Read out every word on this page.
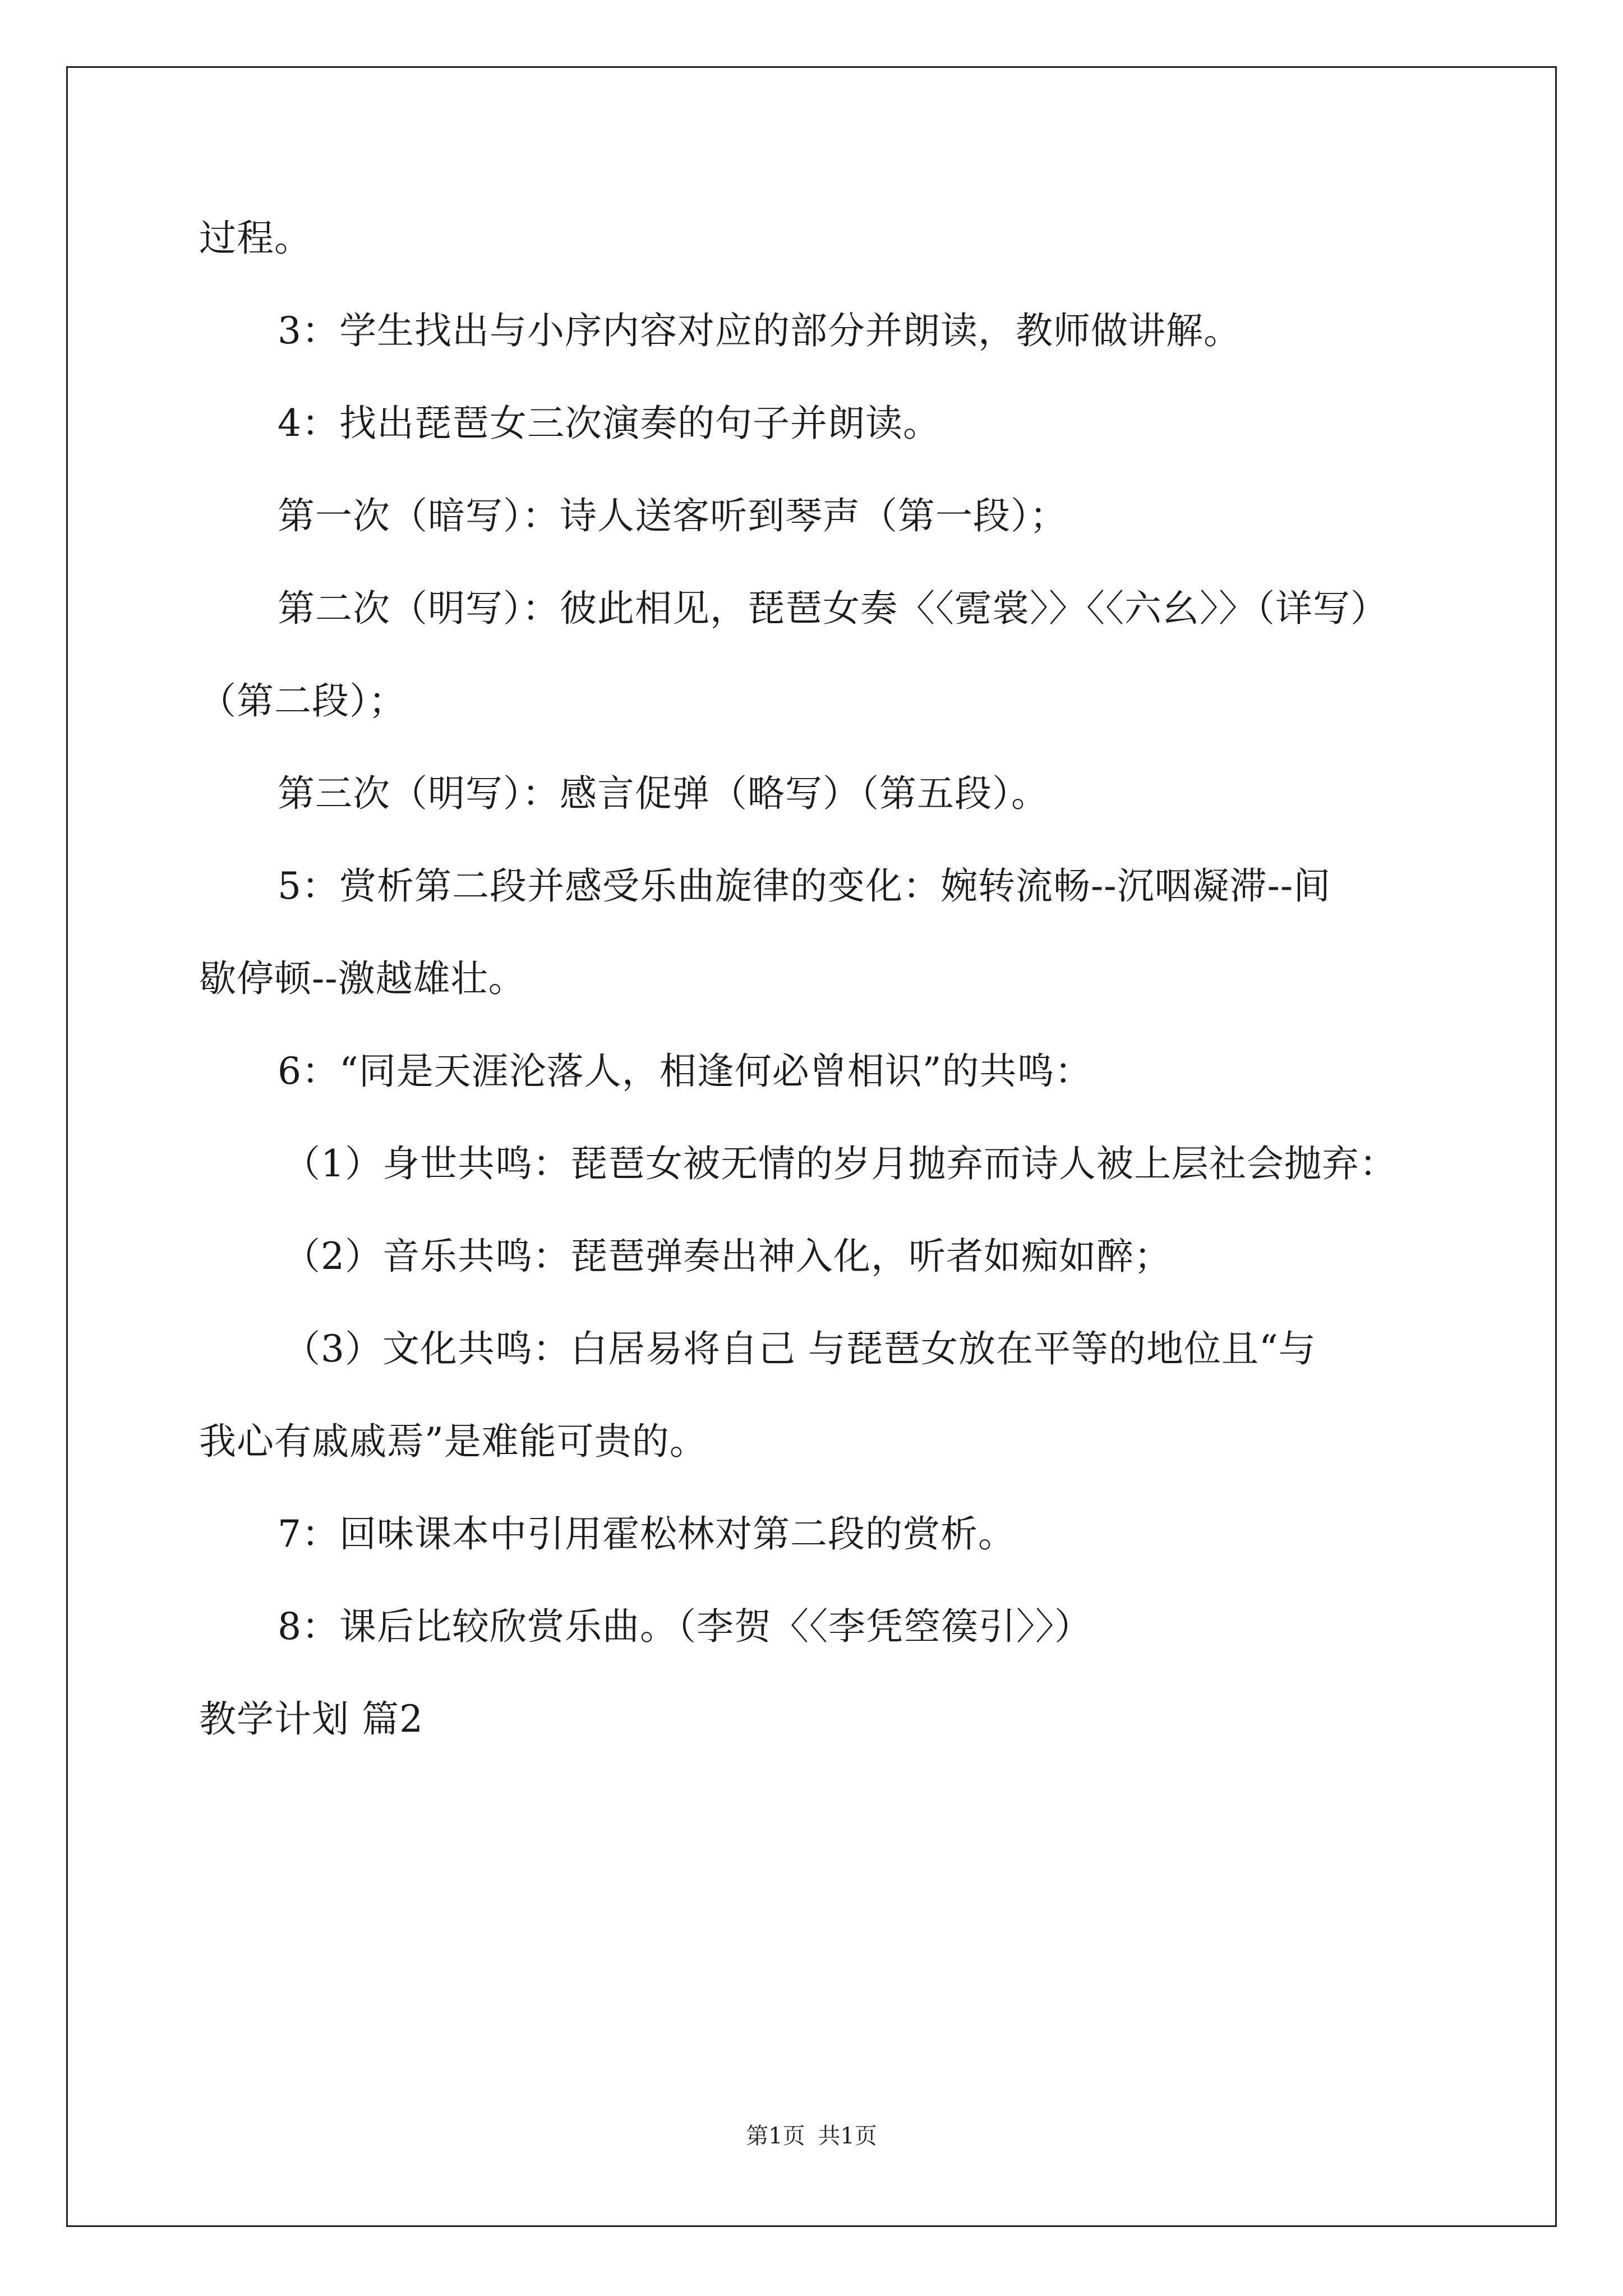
过程。
3：学生找出与小序内容对应的部分并朗读，教师做讲解。
4：找出琵琶女三次演奏的句子并朗读。
第一次（暗写）：诗人送客听到琴声（第一段）；
第二次（明写）：彼此相见，琵琶女奏〈〈霓裳〉〉〈〈六幺〉〉（详写）
（第二段）；
第三次（明写）：感言促弹（略写）（第五段）。
5：赏析第二段并感受乐曲旋律的变化：婉转流畅--沉咽凝滞--间
歇停顿--激越雄壮。
6：“同是天涯沦落人，相逢何必曾相识”的共鸣：
（1）身世共鸣：琵琶女被无情的岁月抛弃而诗人被上层社会抛弃：
（2）音乐共鸣：琵琶弹奏出神入化，听者如痴如醉；
（3）文化共鸣：白居易将自己 与琵琶女放在平等的地位且“与
我心有戚戚焉”是难能可贵的。
7：回味课本中引用霍松林对第二段的赏析。
8：课后比较欣赏乐曲。（李贺〈〈李凭箜篌引〉〉）
教学计划 篇2
第1页 共1页
